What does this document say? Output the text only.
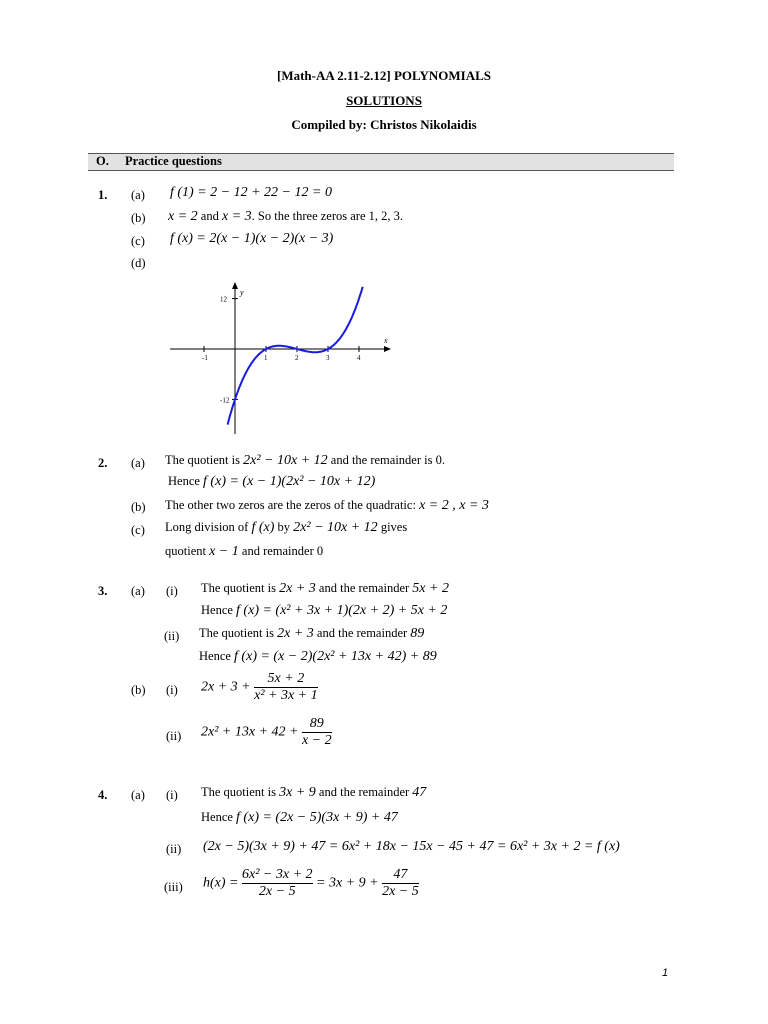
[Math-AA 2.11-2.12] POLYNOMIALS
SOLUTIONS
Compiled by: Christos Nikolaidis
O. Practice questions
1. (a) f (1) = 2 − 12 + 22 − 12 = 0
(b) x = 2 and x = 3. So the three zeros are 1, 2, 3.
(c) f (x) = 2(x − 1)(x − 2)(x − 3)
(d)
-1	1	2	3	4
12
-12
x
y
2. (a) The quotient is 2x² − 10x + 12 and the remainder is 0.
Hence f (x) = (x − 1)(2x² − 10x + 12)
(b) The other two zeros are the zeros of the quadratic: x = 2 , x = 3
(c) Long division of f (x) by 2x² − 10x + 12 gives
quotient x − 1 and remainder 0
3. (a) (i) The quotient is 2x + 3 and the remainder 5x + 2
Hence f (x) = (x² + 3x + 1)(2x + 2) + 5x + 2
(ii) The quotient is 2x + 3 and the remainder 89
Hence f (x) = (x − 2)(2x² + 13x + 42) + 89
(b) (i) $2x + 3 + \frac{5x + 2}{\text{x² + 3x + 1}}$
(ii) $2x^2 + 13x + 42 + \frac{89}{x - 2}$
4. (a) (i) The quotient is 3x + 9 and the remainder 47
Hence f (x) = (2x − 5)(3x + 9) + 47
(ii) (2x − 5)(3x + 9) + 47 = 6x² + 18x − 15x − 45 + 47 = 6x² + 3x + 2 = f (x)
(iii) $h(x) = \frac{\text{6x² − 3x + 2}}{2x - 5} = 3x + 9 + \frac{47}{2x - 5}$
1
